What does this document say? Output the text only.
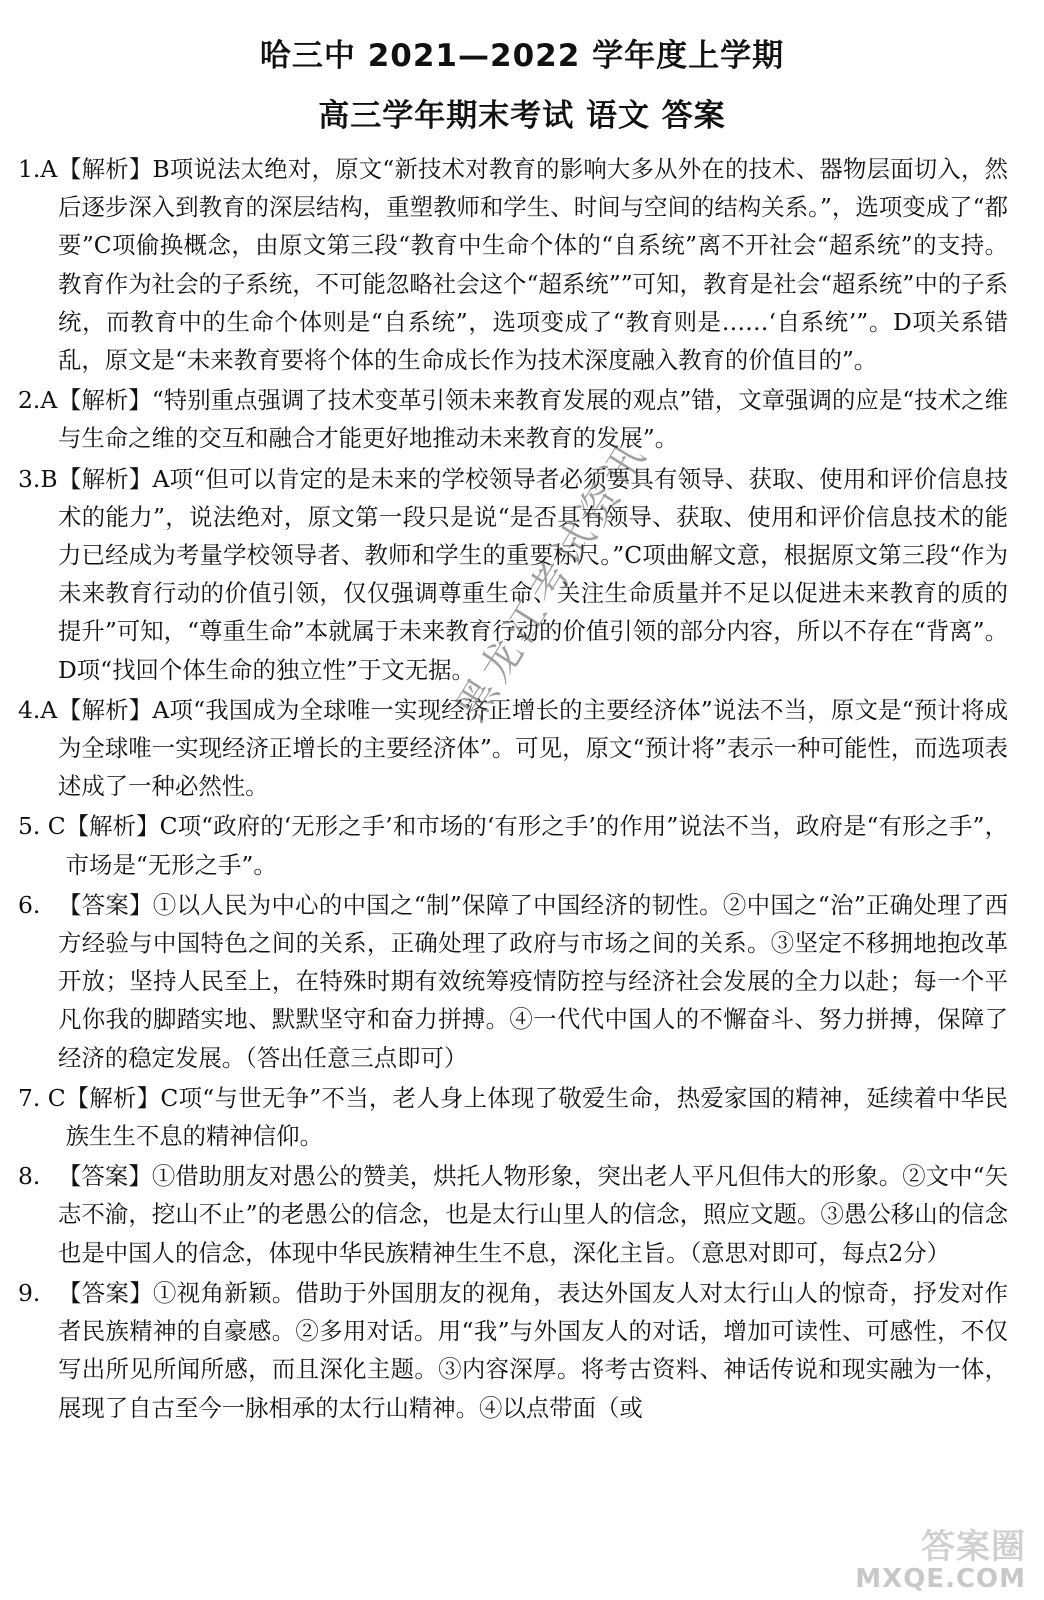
哈三中 2021—2022 学年度上学期
高三学年期末考试 语文 答案
1.A 【解析】B项说法太绝对，原文“新技术对教育的影响大多从外在的技术、器物层面切入，然后逐步深入到教育的深层结构，重塑教师和学生、时间与空间的结构关系。”，选项变成了“都要”C项偷换概念，由原文第三段“教育中生命个体的“自系统”离不开社会“超系统”的支持。教育作为社会的子系统，不可能忽略社会这个“超系统””可知，教育是社会“超系统”中的子系统，而教育中的生命个体则是“自系统”，选项变成了“教育则是……‘自系统’”。D项关系错乱，原文是“未来教育要将个体的生命成长作为技术深度融入教育的价值目的”。
2.A 【解析】“特别重点强调了技术变革引领未来教育发展的观点”错，文章强调的应是“技术之维与生命之维的交互和融合才能更好地推动未来教育的发展”。
3.B 【解析】A项“但可以肯定的是未来的学校领导者必须要具有领导、获取、使用和评价信息技术的能力”，说法绝对，原文第一段只是说“是否具有领导、获取、使用和评价信息技术的能力已经成为考量学校领导者、教师和学生的重要标尺。”C项曲解文意，根据原文第三段“作为未来教育行动的价值引领，仅仅强调尊重生命、关注生命质量并不足以促进未来教育的质的提升”可知，“尊重生命”本就属于未来教育行动的价值引领的部分内容，所以不存在“背离”。D项“找回个体生命的独立性”于文无据。
4.A 【解析】A项“我国成为全球唯一实现经济正增长的主要经济体”说法不当，原文是“预计将成为全球唯一实现经济正增长的主要经济体”。可见，原文“预计将”表示一种可能性，而选项表述成了一种必然性。
5. C 【解析】C项“政府的‘无形之手’和市场的‘有形之手’的作用”说法不当，政府是“有形之手”，市场是“无形之手”。
6. 【答案】①以人民为中心的中国之“制”保障了中国经济的韧性。②中国之“治”正确处理了西方经验与中国特色之间的关系，正确处理了政府与市场之间的关系。③坚定不移拥地抱改革开放；坚持人民至上，在特殊时期有效统筹疫情防控与经济社会发展的全力以赴；每一个平凡你我的脚踏实地、默默坚守和奋力拼搏。④一代代中国人的不懈奋斗、努力拼搏，保障了经济的稳定发展。（答出任意三点即可）
7. C 【解析】C项“与世无争”不当，老人身上体现了敬爱生命，热爱家国的精神，延续着中华民族生生不息的精神信仰。
8. 【答案】①借助朋友对愚公的赞美，烘托人物形象，突出老人平凡但伟大的形象。②文中“矢志不渝，挖山不止”的老愚公的信念，也是太行山里人的信念，照应文题。③愚公移山的信念也是中国人的信念，体现中华民族精神生生不息，深化主旨。（意思对即可，每点2分）
9. 【答案】①视角新颖。借助于外国朋友的视角，表达外国友人对太行山人的惊奇，抒发对作者民族精神的自豪感。②多用对话。用“我”与外国友人的对话，增加可读性、可感性，不仅写出所见所闻所感，而且深化主题。③内容深厚。将考古资料、神话传说和现实融为一体，展现了自古至今一脉相承的太行山精神。④以点带面（或
黑龙江考试资讯
答案圈
MXQE.COM
